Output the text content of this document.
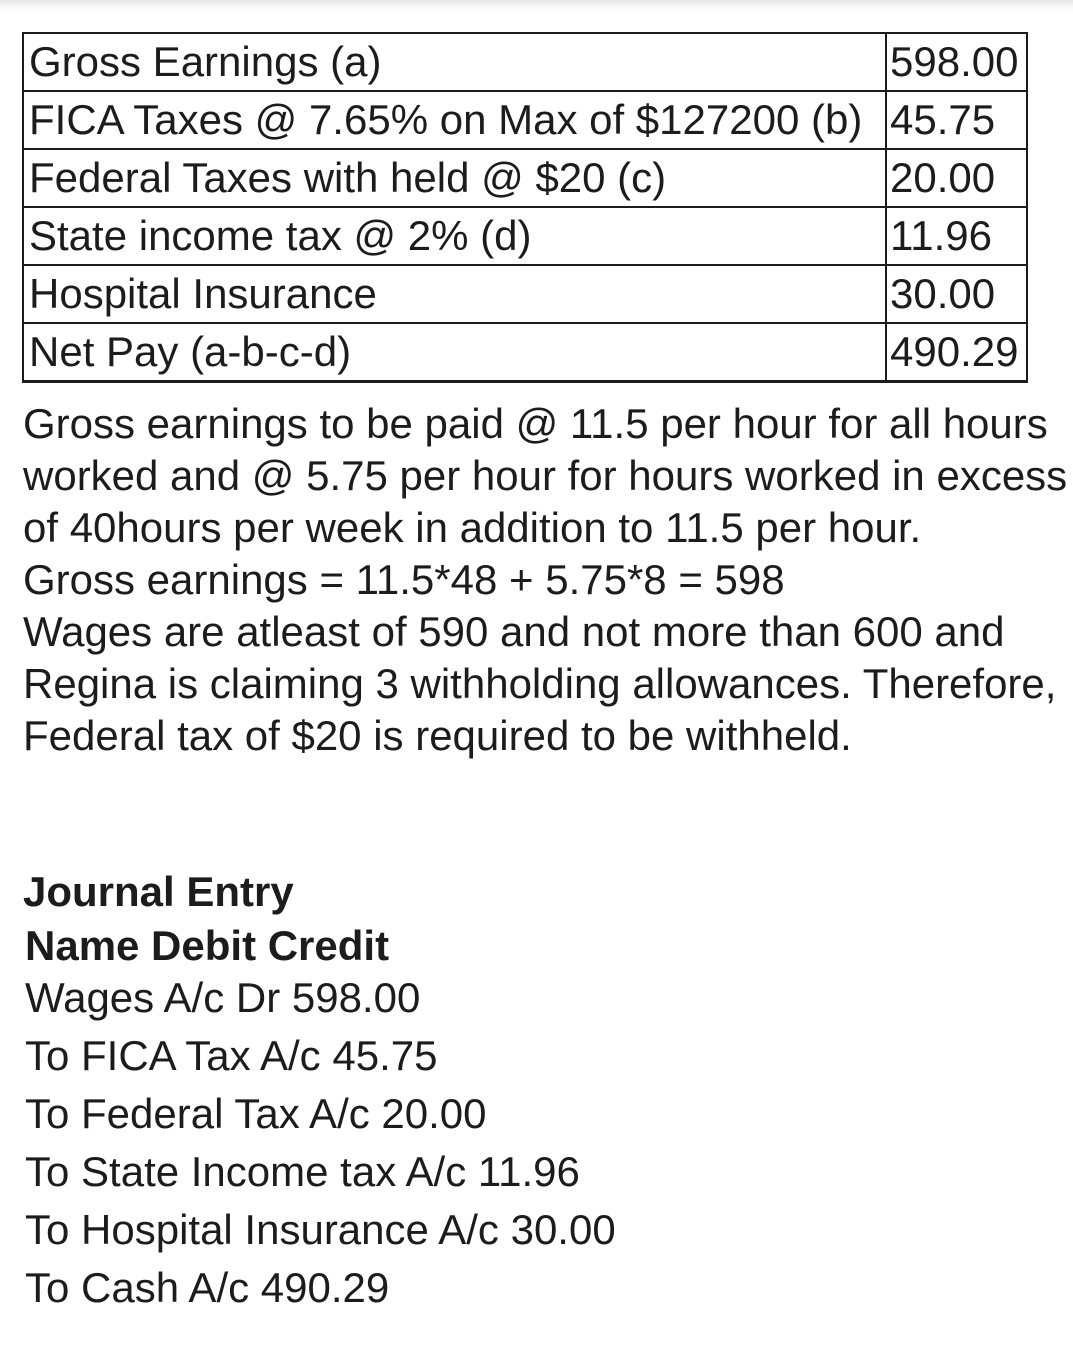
Gross Earnings (a)	598.00
FICA Taxes @ 7.65% on Max of $127200 (b)	45.75
Federal Taxes with held @ $20 (c)	20.00
State income tax @ 2% (d)	11.96
Hospital Insurance	30.00
Net Pay (a-b-c-d)	490.29

Gross earnings to be paid @ 11.5 per hour for all hours worked and @ 5.75 per hour for hours worked in excess of 40hours per week in addition to 11.5 per hour.

Gross earnings = 11.5*48 + 5.75*8 = 598

Wages are atleast of 590 and not more than 600 and Regina is claiming 3 withholding allowances. Therefore, Federal tax of $20 is required to be withheld.

Journal Entry
Name Debit Credit
Wages A/c Dr 598.00
To FICA Tax A/c 45.75
To Federal Tax A/c 20.00
To State Income tax A/c 11.96
To Hospital Insurance A/c 30.00
To Cash A/c 490.29
